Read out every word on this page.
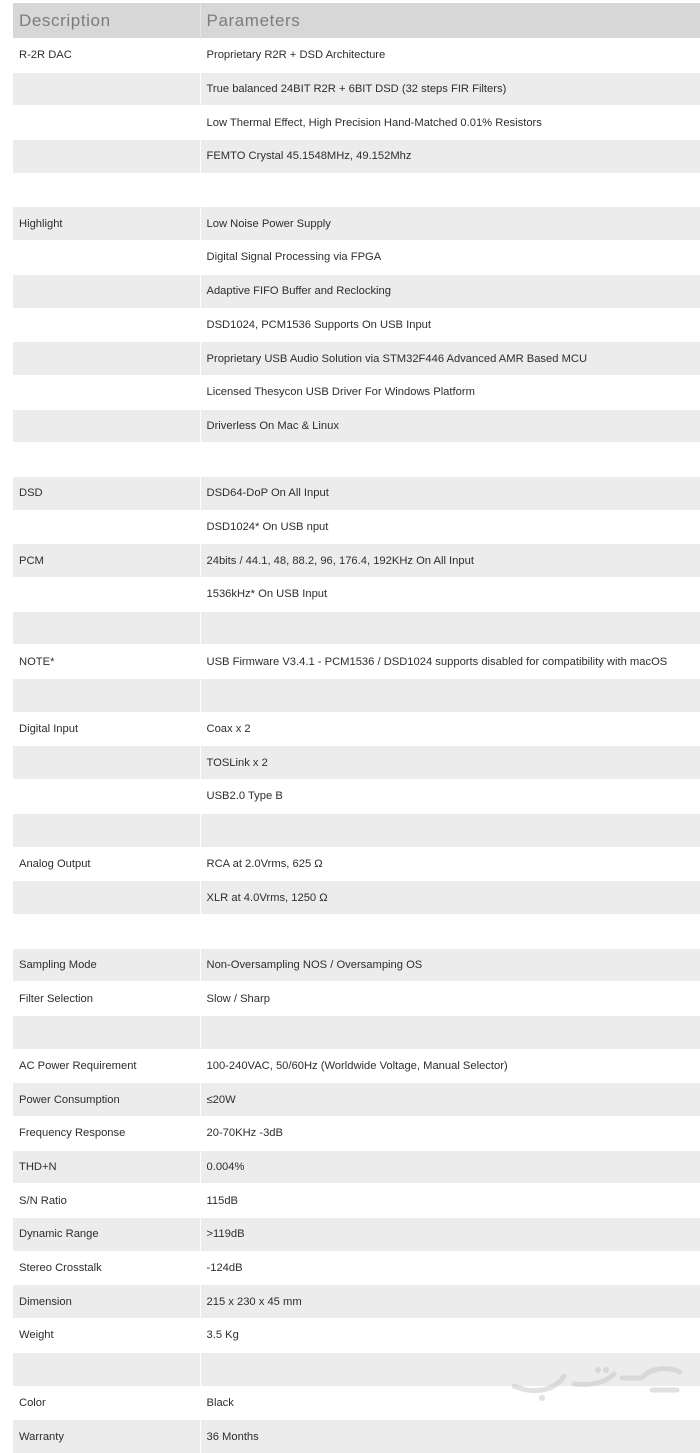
Description	Parameters
R-2R DAC	Proprietary R2R + DSD Architecture
	True balanced 24BIT R2R + 6BIT DSD (32 steps FIR Filters)
	Low Thermal Effect, High Precision Hand-Matched 0.01% Resistors
	FEMTO Crystal 45.1548MHz, 49.152Mhz

Highlight	Low Noise Power Supply
	Digital Signal Processing via FPGA
	Adaptive FIFO Buffer and Reclocking
	DSD1024, PCM1536 Supports On USB Input
	Proprietary USB Audio Solution via STM32F446 Advanced AMR Based MCU
	Licensed Thesycon USB Driver For Windows Platform
	Driverless On Mac & Linux

DSD	DSD64-DoP On All Input
	DSD1024* On USB nput
PCM	24bits / 44.1, 48, 88.2, 96, 176.4, 192KHz On All Input
	1536kHz* On USB Input

NOTE*	USB Firmware V3.4.1 - PCM1536 / DSD1024 supports disabled for compatibility with macOS

Digital Input	Coax x 2
	TOSLink x 2
	USB2.0 Type B

Analog Output	RCA at 2.0Vrms, 625 Ω
	XLR at 4.0Vrms, 1250 Ω

Sampling Mode	Non-Oversampling NOS / Oversamping OS
Filter Selection	Slow / Sharp

AC Power Requirement	100-240VAC, 50/60Hz (Worldwide Voltage, Manual Selector)
Power Consumption	≤20W
Frequency Response	20-70KHz -3dB
THD+N	0.004%
S/N Ratio	115dB
Dynamic Range	>119dB
Stereo Crosstalk	-124dB
Dimension	215 x 230 x 45 mm
Weight	3.5 Kg

Color	Black
Warranty	36 Months
